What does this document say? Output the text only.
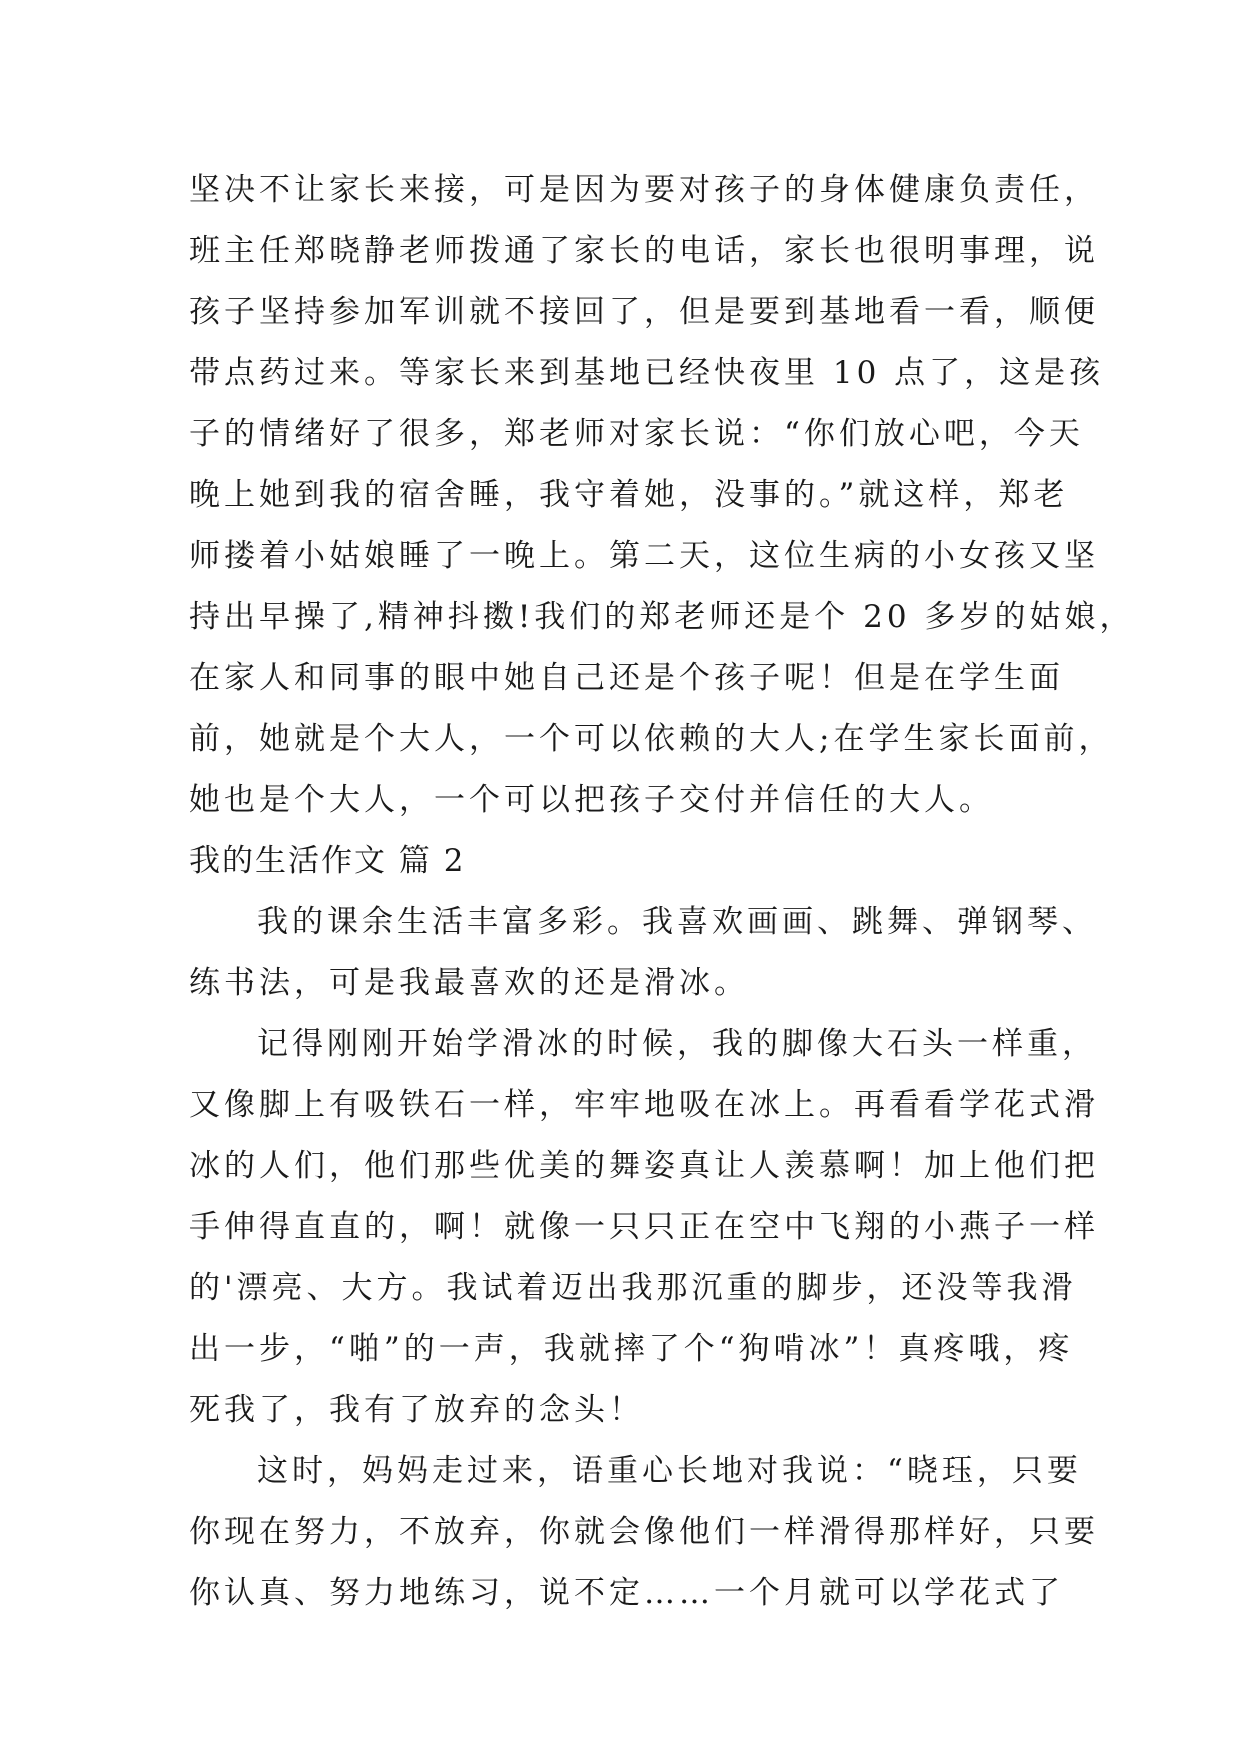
坚决不让家长来接，可是因为要对孩子的身体健康负责任，
班主任郑晓静老师拨通了家长的电话，家长也很明事理，说
孩子坚持参加军训就不接回了，但是要到基地看一看，顺便
带点药过来。等家长来到基地已经快夜里 10 点了，这是孩
子的情绪好了很多，郑老师对家长说：“你们放心吧，今天
晚上她到我的宿舍睡，我守着她，没事的。”就这样，郑老
师搂着小姑娘睡了一晚上。第二天，这位生病的小女孩又坚
持出早操了,精神抖擞!我们的郑老师还是个 20 多岁的姑娘，
在家人和同事的眼中她自己还是个孩子呢！但是在学生面
前，她就是个大人，一个可以依赖的大人;在学生家长面前，
她也是个大人，一个可以把孩子交付并信任的大人。
我的生活作文 篇 2
我的课余生活丰富多彩。我喜欢画画、跳舞、弹钢琴、
练书法，可是我最喜欢的还是滑冰。
记得刚刚开始学滑冰的时候，我的脚像大石头一样重，
又像脚上有吸铁石一样，牢牢地吸在冰上。再看看学花式滑
冰的人们，他们那些优美的舞姿真让人羡慕啊！加上他们把
手伸得直直的，啊！就像一只只正在空中飞翔的小燕子一样
的'漂亮、大方。我试着迈出我那沉重的脚步，还没等我滑
出一步，“啪”的一声，我就摔了个“狗啃冰”！真疼哦，疼
死我了，我有了放弃的念头！
这时，妈妈走过来，语重心长地对我说：“晓珏，只要
你现在努力，不放弃，你就会像他们一样滑得那样好，只要
你认真、努力地练习，说不定……一个月就可以学花式了
